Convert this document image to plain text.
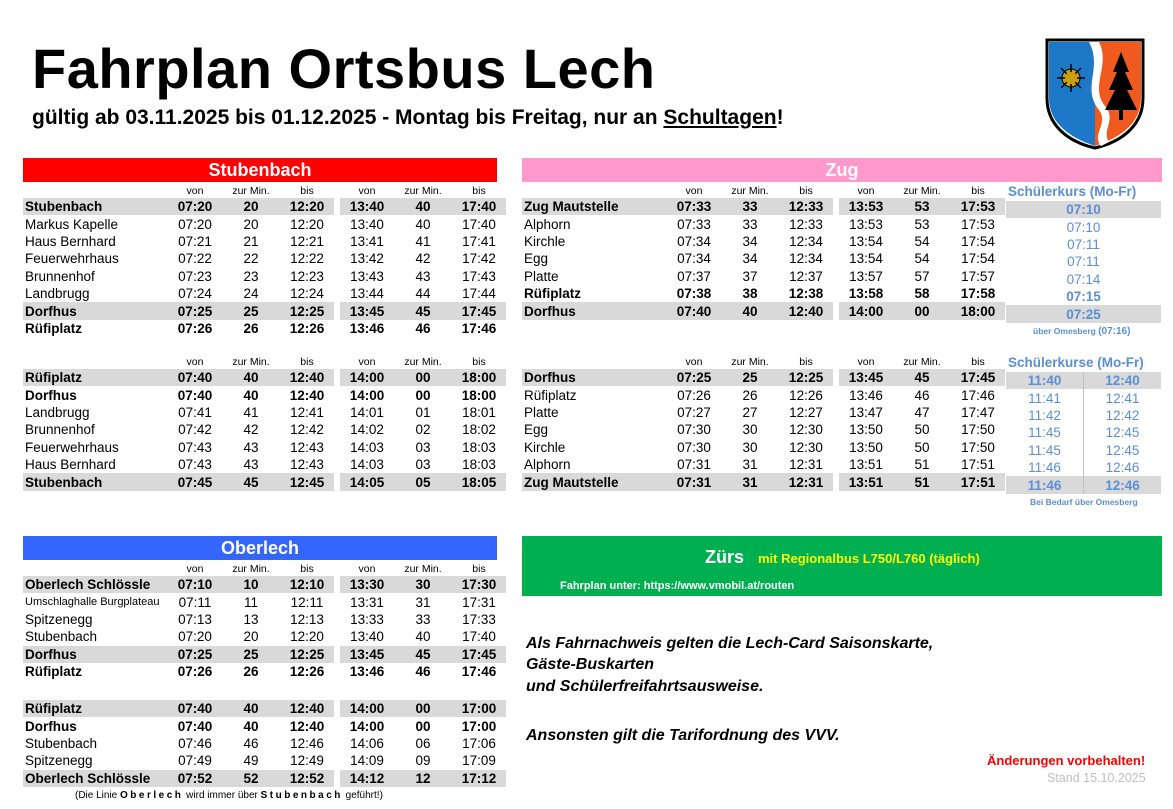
Fahrplan Ortsbus Lech
gültig ab 03.11.2025 bis 01.12.2025 - Montag bis Freitag, nur an Schultagen!
Stubenbach
	von	zur Min.	bis		von	zur Min.	bis
Stubenbach	07:20	20	12:20		13:40	40	17:40
Markus Kapelle	07:20	20	12:20		13:40	40	17:40
Haus Bernhard	07:21	21	12:21		13:41	41	17:41
Feuerwehrhaus	07:22	22	12:22		13:42	42	17:42
Brunnenhof	07:23	23	12:23		13:43	43	17:43
Landbrugg	07:24	24	12:24		13:44	44	17:44
Dorfhus	07:25	25	12:25		13:45	45	17:45
Rüfiplatz	07:26	26	12:26		13:46	46	17:46
	von	zur Min.	bis		von	zur Min.	bis
Rüfiplatz	07:40	40	12:40		14:00	00	18:00
Dorfhus	07:40	40	12:40		14:00	00	18:00
Landbrugg	07:41	41	12:41		14:01	01	18:01
Brunnenhof	07:42	42	12:42		14:02	02	18:02
Feuerwehrhaus	07:43	43	12:43		14:03	03	18:03
Haus Bernhard	07:43	43	12:43		14:03	03	18:03
Stubenbach	07:45	45	12:45		14:05	05	18:05
Zug
	von	zur Min.	bis		von	zur Min.	bis
Zug Mautstelle	07:33	33	12:33		13:53	53	17:53
Alphorn	07:33	33	12:33		13:53	53	17:53
Kirchle	07:34	34	12:34		13:54	54	17:54
Egg	07:34	34	12:34		13:54	54	17:54
Platte	07:37	37	12:37		13:57	57	17:57
Rüfiplatz	07:38	38	12:38		13:58	58	17:58
Dorfhus	07:40	40	12:40		14:00	00	18:00
	von	zur Min.	bis		von	zur Min.	bis
Dorfhus	07:25	25	12:25		13:45	45	17:45
Rüfiplatz	07:26	26	12:26		13:46	46	17:46
Platte	07:27	27	12:27		13:47	47	17:47
Egg	07:30	30	12:30		13:50	50	17:50
Kirchle	07:30	30	12:30		13:50	50	17:50
Alphorn	07:31	31	12:31		13:51	51	17:51
Zug Mautstelle	07:31	31	12:31		13:51	51	17:51
Schülerkurs (Mo-Fr)
07:10
07:10
07:11
07:11
07:14
07:15
07:25
über Omesberg (07:16)
Schülerkurse (Mo-Fr)
11:40	12:40
11:41	12:41
11:42	12:42
11:45	12:45
11:45	12:45
11:46	12:46
11:46	12:46
Bei Bedarf über Omesberg
Oberlech
	von	zur Min.	bis		von	zur Min.	bis
Oberlech Schlössle	07:10	10	12:10		13:30	30	17:30
Umschlaghalle Burgplateau	07:11	11	12:11		13:31	31	17:31
Spitzenegg	07:13	13	12:13		13:33	33	17:33
Stubenbach	07:20	20	12:20		13:40	40	17:40
Dorfhus	07:25	25	12:25		13:45	45	17:45
Rüfiplatz	07:26	26	12:26		13:46	46	17:46
Rüfiplatz	07:40	40	12:40		14:00	00	17:00
Dorfhus	07:40	40	12:40		14:00	00	17:00
Stubenbach	07:46	46	12:46		14:06	06	17:06
Spitzenegg	07:49	49	12:49		14:09	09	17:09
Oberlech Schlössle	07:52	52	12:52		14:12	12	17:12
(Die Linie Oberlech wird immer über Stubenbach geführt!)
Zürs mit Regionalbus L750/L760 (täglich)
Fahrplan unter: https://www.vmobil.at/routen
Als Fahrnachweis gelten die Lech-Card Saisonskarte,
Gäste-Buskarten
und Schülerfreifahrtsausweise.
Ansonsten gilt die Tarifordnung des VVV.
Änderungen vorbehalten!
Stand 15.10.2025
